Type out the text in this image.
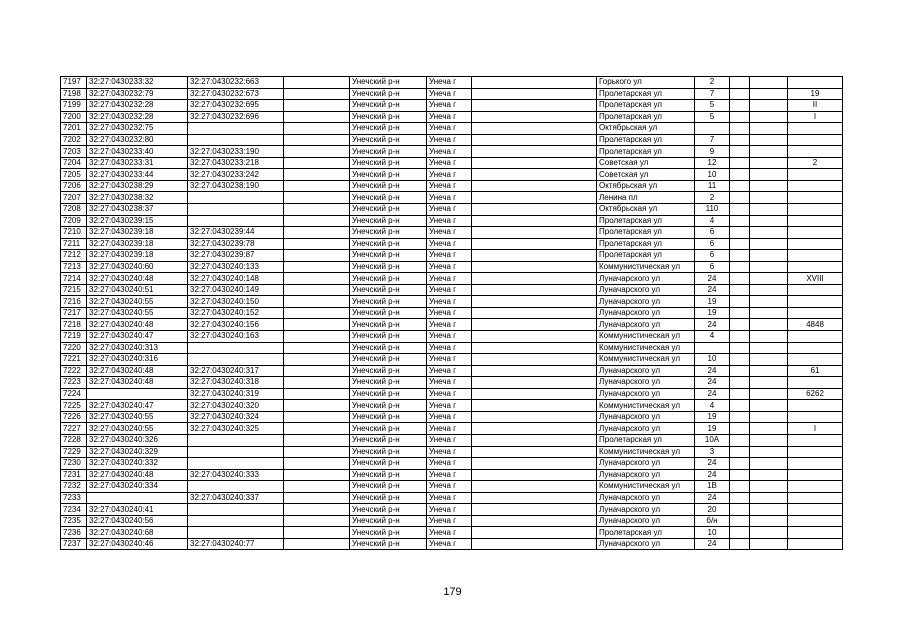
7197	32:27:0430233:32	32:27:0430232:663		Унечский р-н	Унеча г		Горького ул	2			
7198	32:27:0430232:79	32:27:0430232:673		Унечский р-н	Унеча г		Пролетарская ул	7			19
7199	32:27:0430232:28	32:27:0430232:695		Унечский р-н	Унеча г		Пролетарская ул	5			II
7200	32:27:0430232:28	32:27:0430232:696		Унечский р-н	Унеча г		Пролетарская ул	5			I
7201	32:27:0430232:75			Унечский р-н	Унеча г		Октябрьская ул				
7202	32:27:0430232:80			Унечский р-н	Унеча г		Пролетарская ул	7			
7203	32:27:0430233:40	32:27:0430233:190		Унечский р-н	Унеча г		Пролетарская ул	9			
7204	32:27:0430233:31	32:27:0430233:218		Унечский р-н	Унеча г		Советская ул	12			2
7205	32:27:0430233:44	32:27:0430233:242		Унечский р-н	Унеча г		Советская ул	10			
7206	32:27:0430238:29	32:27:0430238:190		Унечский р-н	Унеча г		Октябрьская ул	11			
7207	32:27:0430238:32			Унечский р-н	Унеча г		Ленина пл	2			
7208	32:27:0430238:37			Унечский р-н	Унеча г		Октябрьская ул	110			
7209	32:27:0430239:15			Унечский р-н	Унеча г		Пролетарская ул	4			
7210	32:27:0430239:18	32:27:0430239:44		Унечский р-н	Унеча г		Пролетарская ул	6			
7211	32:27:0430239:18	32:27:0430239:78		Унечский р-н	Унеча г		Пролетарская ул	6			
7212	32:27:0430239:18	32:27:0430239:87		Унечский р-н	Унеча г		Пролетарская ул	6			
7213	32:27:0430240:60	32:27:0430240:133		Унечский р-н	Унеча г		Коммунистическая ул	6			
7214	32:27:0430240:48	32:27:0430240:148		Унечский р-н	Унеча г		Луначарского ул	24			XVIII
7215	32:27:0430240:51	32:27:0430240:149		Унечский р-н	Унеча г		Луначарского ул	24			
7216	32:27:0430240:55	32:27:0430240:150		Унечский р-н	Унеча г		Луначарского ул	19			
7217	32:27:0430240:55	32:27:0430240:152		Унечский р-н	Унеча г		Луначарского ул	19			
7218	32:27:0430240:48	32:27:0430240:156		Унечский р-н	Унеча г		Луначарского ул	24			4848
7219	32:27:0430240:47	32:27:0430240:163		Унечский р-н	Унеча г		Коммунистическая ул	4			
7220	32:27:0430240:313			Унечский р-н	Унеча г		Коммунистическая ул				
7221	32:27:0430240:316			Унечский р-н	Унеча г		Коммунистическая ул	10			
7222	32:27:0430240:48	32:27:0430240:317		Унечский р-н	Унеча г		Луначарского ул	24			61
7223	32:27:0430240:48	32:27:0430240:318		Унечский р-н	Унеча г		Луначарского ул	24			
7224		32:27:0430240:319		Унечский р-н	Унеча г		Луначарского ул	24			6262
7225	32:27:0430240:47	32:27:0430240:320		Унечский р-н	Унеча г		Коммунистическая ул	4			
7226	32:27:0430240:55	32:27:0430240:324		Унечский р-н	Унеча г		Луначарского ул	19			
7227	32:27:0430240:55	32:27:0430240:325		Унечский р-н	Унеча г		Луначарского ул	19			I
7228	32:27:0430240:326			Унечский р-н	Унеча г		Пролетарская ул	10А			
7229	32:27:0430240:329			Унечский р-н	Унеча г		Коммунистическая ул	3			
7230	32:27:0430240:332			Унечский р-н	Унеча г		Луначарского ул	24			
7231	32:27:0430240:48	32:27:0430240:333		Унечский р-н	Унеча г		Луначарского ул	24			
7232	32:27:0430240:334			Унечский р-н	Унеча г		Коммунистическая ул	1В			
7233		32:27:0430240:337		Унечский р-н	Унеча г		Луначарского ул	24			
7234	32:27:0430240:41			Унечский р-н	Унеча г		Луначарского ул	20			
7235	32:27:0430240:56			Унечский р-н	Унеча г		Луначарского ул	б/н			
7236	32:27:0430240:68			Унечский р-н	Унеча г		Пролетарская ул	10			
7237	32:27:0430240:46	32:27:0430240:77		Унечский р-н	Унеча г		Луначарского ул	24			
179
